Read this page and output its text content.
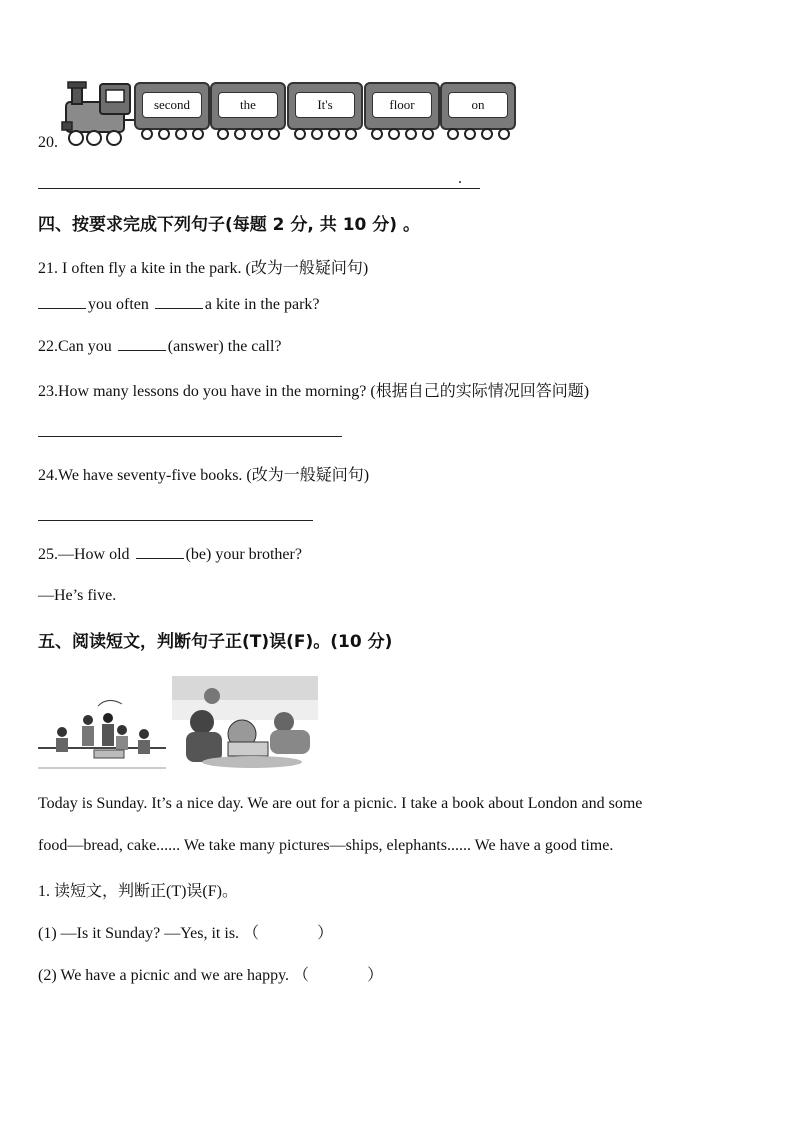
20.
second	the	It's	floor	on
.
四、按要求完成下列句子(每题 2 分, 共 10 分) 。
21. I often fly a kite in the park. (改为一般疑问句)
you often	a kite in the park?
22.Can you	(answer) the call?
23.How many lessons do you have in the morning? (根据自己的实际情况回答问题)
24.We have seventy-five books. (改为一般疑问句)
25.—How old	(be) your brother?
—He’s five.
五、阅读短文，判断句子正(T)误(F)。(10 分)
Today is Sunday. It’s a nice day. We are out for a picnic. I take a book about London and some
food—bread, cake...... We take many pictures—ships, elephants...... We have a good time.
1. 读短文，判断正(T)误(F)。
(1) —Is it Sunday? —Yes, it is. （	）
(2) We have a picnic and we are happy. （	）
